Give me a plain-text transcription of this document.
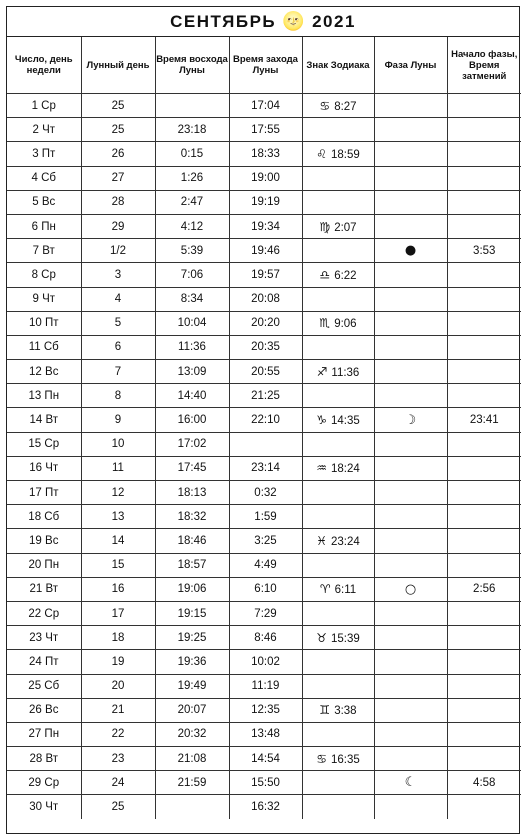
СЕНТЯБРЬ 🌝 2021
Число, день недели	Лунный день	Время восхода Луны	Время захода Луны	Знак Зодиака	Фаза Луны	Начало фазы, Время затмений
1 Ср	25		17:04	♋ 8:27		
2 Чт	25	23:18	17:55			
3 Пт	26	0:15	18:33	♌ 18:59		
4 Сб	27	1:26	19:00			
5 Вс	28	2:47	19:19			
6 Пн	29	4:12	19:34	♍ 2:07		
7 Вт	1/2	5:39	19:46		●	3:53
8 Ср	3	7:06	19:57	♎ 6:22		
9 Чт	4	8:34	20:08			
10 Пт	5	10:04	20:20	♏ 9:06		
11 Сб	6	11:36	20:35			
12 Вс	7	13:09	20:55	♐ 11:36		
13 Пн	8	14:40	21:25			
14 Вт	9	16:00	22:10	♑ 14:35	☽	23:41
15 Ср	10	17:02				
16 Чт	11	17:45	23:14	♒ 18:24		
17 Пт	12	18:13	0:32			
18 Сб	13	18:32	1:59			
19 Вс	14	18:46	3:25	♓ 23:24		
20 Пн	15	18:57	4:49			
21 Вт	16	19:06	6:10	♈ 6:11	○	2:56
22 Ср	17	19:15	7:29			
23 Чт	18	19:25	8:46	♉ 15:39		
24 Пт	19	19:36	10:02			
25 Сб	20	19:49	11:19			
26 Вс	21	20:07	12:35	♊ 3:38		
27 Пн	22	20:32	13:48			
28 Вт	23	21:08	14:54	♋ 16:35		
29 Ср	24	21:59	15:50		☾	4:58
30 Чт	25		16:32			
